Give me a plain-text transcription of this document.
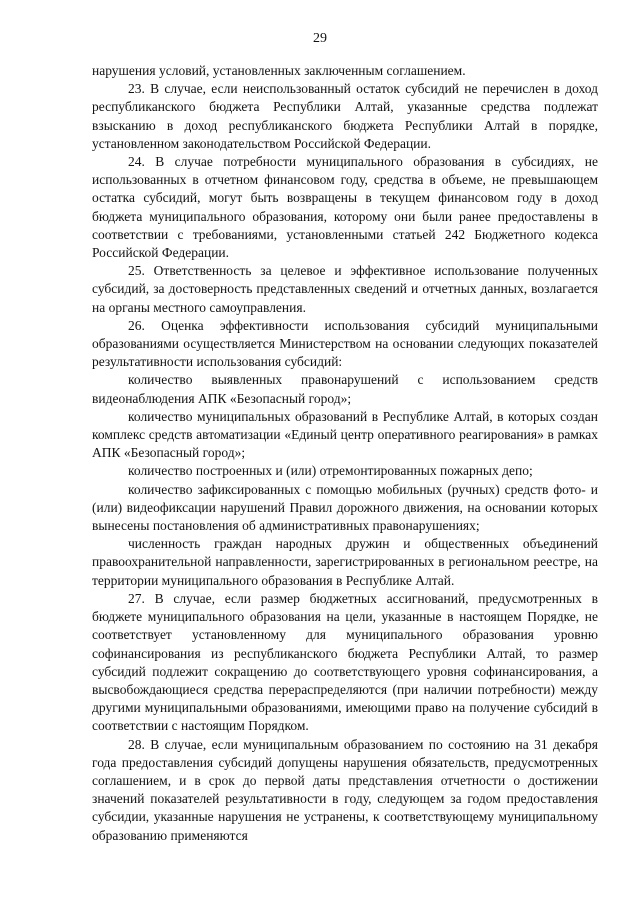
29

нарушения условий, установленных заключенным соглашением.

23. В случае, если неиспользованный остаток субсидий не перечислен в доход республиканского бюджета Республики Алтай, указанные средства подлежат взысканию в доход республиканского бюджета Республики Алтай в порядке, установленном законодательством Российской Федерации.

24. В случае потребности муниципального образования в субсидиях, не использованных в отчетном финансовом году, средства в объеме, не превышающем остатка субсидий, могут быть возвращены в текущем финансовом году в доход бюджета муниципального образования, которому они были ранее предоставлены в соответствии с требованиями, установленными статьей 242 Бюджетного кодекса Российской Федерации.

25. Ответственность за целевое и эффективное использование полученных субсидий, за достоверность представленных сведений и отчетных данных, возлагается на органы местного самоуправления.

26. Оценка эффективности использования субсидий муниципальными образованиями осуществляется Министерством на основании следующих показателей результативности использования субсидий:

количество выявленных правонарушений с использованием средств видеонаблюдения АПК «Безопасный город»;

количество муниципальных образований в Республике Алтай, в которых создан комплекс средств автоматизации «Единый центр оперативного реагирования» в рамках АПК «Безопасный город»;

количество построенных и (или) отремонтированных пожарных депо;

количество зафиксированных с помощью мобильных (ручных) средств фото- и (или) видеофиксации нарушений Правил дорожного движения, на основании которых вынесены постановления об административных правонарушениях;

численность граждан народных дружин и общественных объединений правоохранительной направленности, зарегистрированных в региональном реестре, на территории муниципального образования в Республике Алтай.

27. В случае, если размер бюджетных ассигнований, предусмотренных в бюджете муниципального образования на цели, указанные в настоящем Порядке, не соответствует установленному для муниципального образования уровню софинансирования из республиканского бюджета Республики Алтай, то размер субсидий подлежит сокращению до соответствующего уровня софинансирования, а высвобождающиеся средства перераспределяются (при наличии потребности) между другими муниципальными образованиями, имеющими право на получение субсидий в соответствии с настоящим Порядком.

28. В случае, если муниципальным образованием по состоянию на 31 декабря года предоставления субсидий допущены нарушения обязательств, предусмотренных соглашением, и в срок до первой даты представления отчетности о достижении значений показателей результативности в году, следующем за годом предоставления субсидии, указанные нарушения не устранены, к соответствующему муниципальному образованию применяются
